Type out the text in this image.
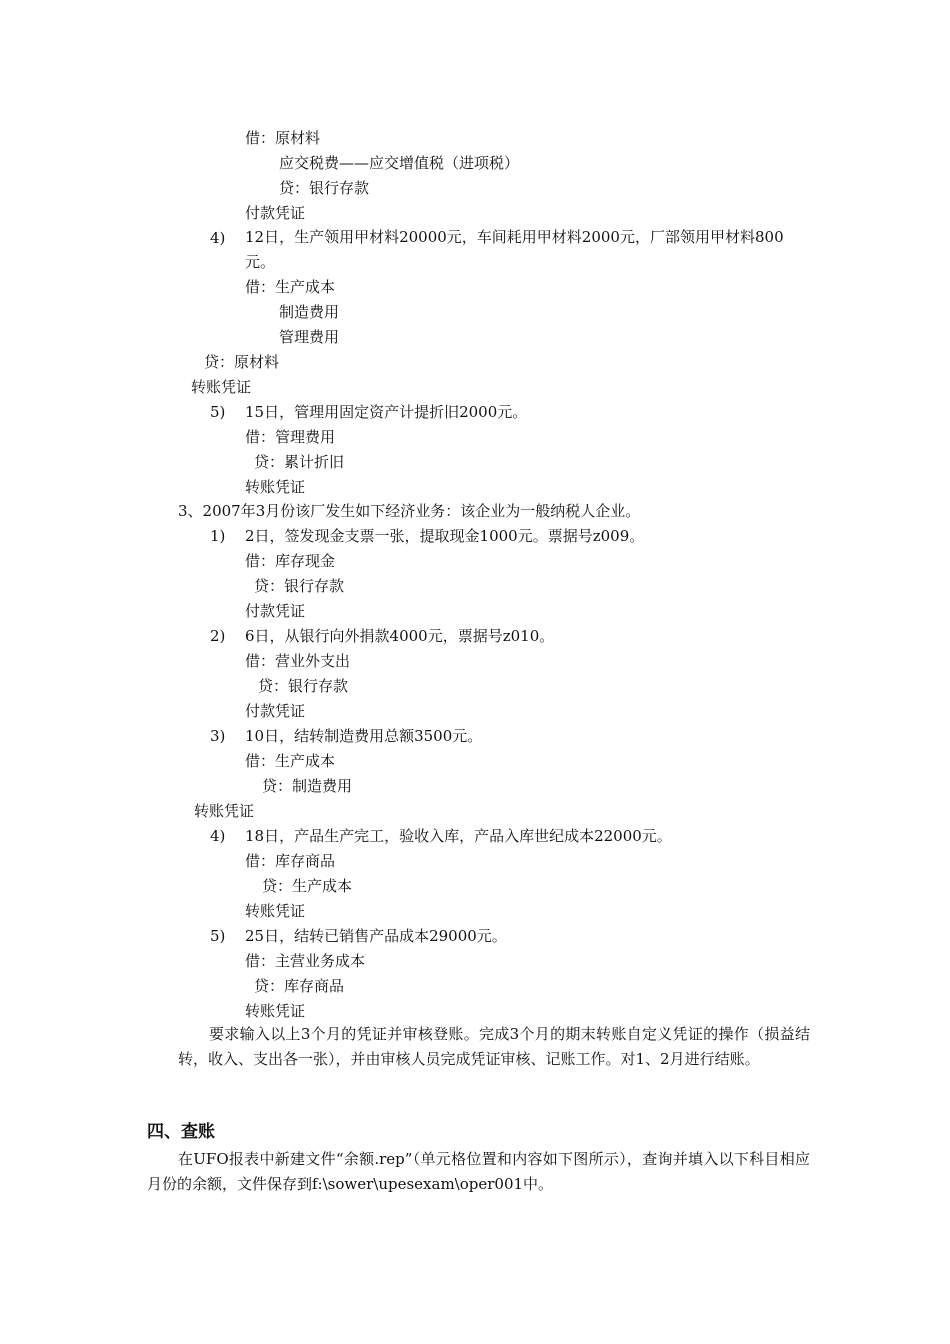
借：原材料
应交税费——应交增值税（进项税）
贷：银行存款
付款凭证
4) 12日，生产领用甲材料20000元，车间耗用甲材料2000元，厂部领用甲材料800元。
借：生产成本
制造费用
管理费用
贷：原材料
转账凭证
5) 15日，管理用固定资产计提折旧2000元。
借：管理费用
贷：累计折旧
转账凭证
3、2007年3月份该厂发生如下经济业务：该企业为一般纳税人企业。
1) 2日，签发现金支票一张，提取现金1000元。票据号z009。
借：库存现金
贷：银行存款
付款凭证
2) 6日，从银行向外捐款4000元，票据号z010。
借：营业外支出
贷：银行存款
付款凭证
3) 10日，结转制造费用总额3500元。
借：生产成本
贷：制造费用
转账凭证
4) 18日，产品生产完工，验收入库，产品入库世纪成本22000元。
借：库存商品
贷：生产成本
转账凭证
5) 25日，结转已销售产品成本29000元。
借：主营业务成本
贷：库存商品
转账凭证
要求输入以上3个月的凭证并审核登账。完成3个月的期末转账自定义凭证的操作（损益结转，收入、支出各一张），并由审核人员完成凭证审核、记账工作。对1、2月进行结账。
四、查账
在UFO报表中新建文件“余额.rep”（单元格位置和内容如下图所示），查询并填入以下科目相应月份的余额，文件保存到f:\sower\upesexam\oper001中。
